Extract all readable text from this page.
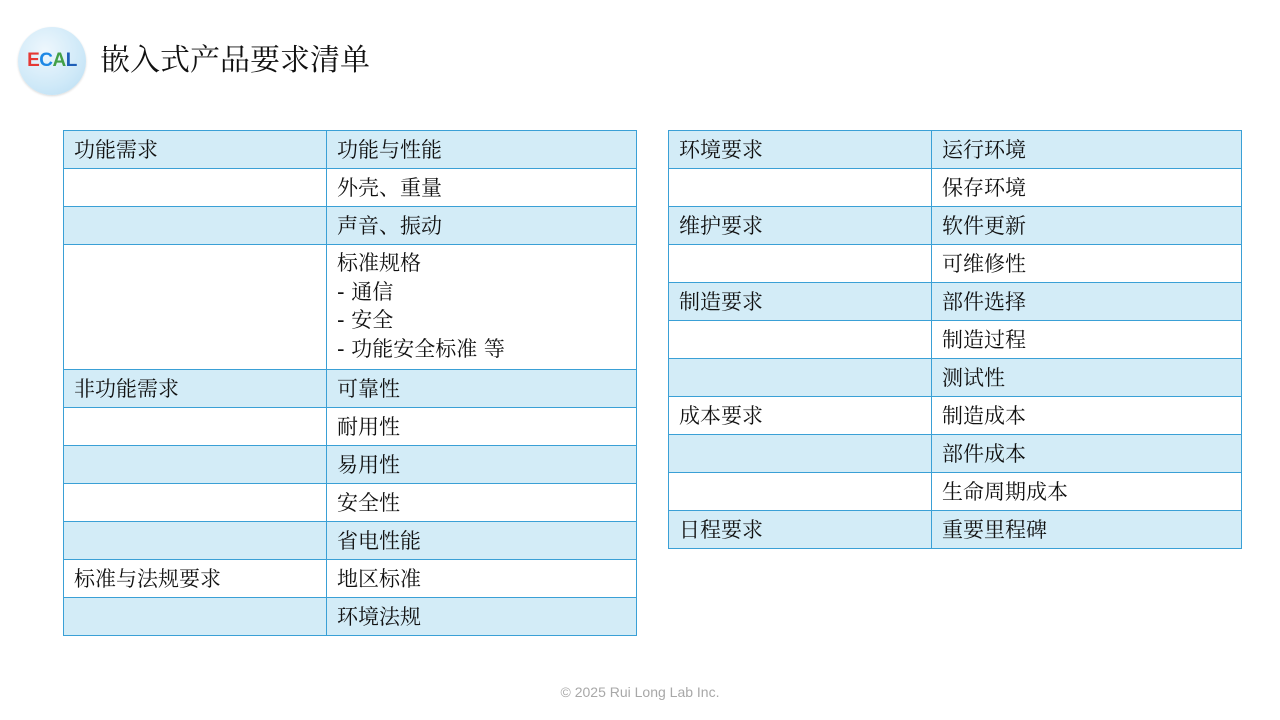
ECAL 嵌入式产品要求清单
功能需求	功能与性能
	外壳、重量
	声音、振动

	标准规格
- 通信
- 安全
- 功能安全标准 等

非功能需求	可靠性
	耐用性
	易用性
	安全性
	省电性能
标准与法规要求	地区标准
	环境法规
环境要求	运行环境
	保存环境
维护要求	软件更新
	可维修性
制造要求	部件选择
	制造过程
	测试性
成本要求	制造成本
	部件成本
	生命周期成本
日程要求	重要里程碑
© 2025 Rui Long Lab Inc.
